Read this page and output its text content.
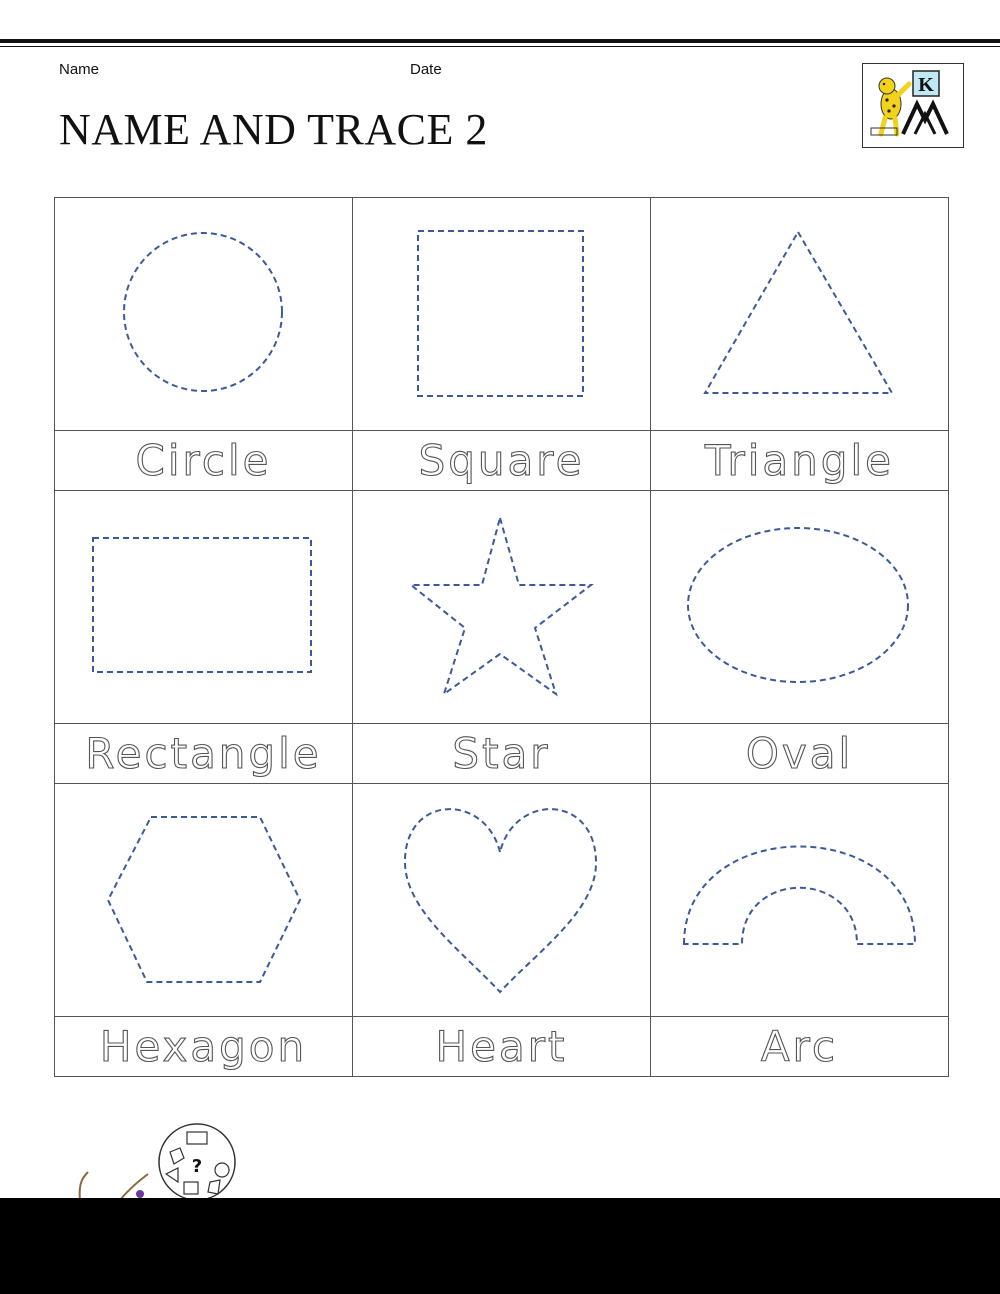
Name	Date
NAME AND TRACE 2
K

Circle	Square	Triangle

Rectangle	Star	Oval

Hexagon	Heart	Arc
?
